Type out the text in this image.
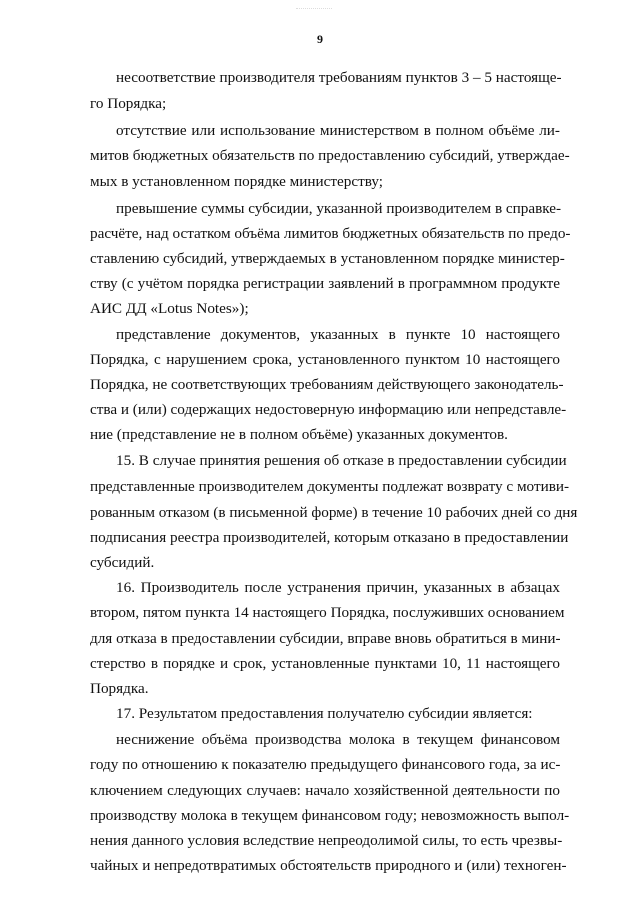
9
несоответствие производителя требованиям пунктов 3 – 5 настояще-
го Порядка;
отсутствие или использование министерством в полном объёме ли-
митов бюджетных обязательств по предоставлению субсидий, утверждае-
мых в установленном порядке министерству;
превышение суммы субсидии, указанной производителем в справке-
расчёте, над остатком объёма лимитов бюджетных обязательств по предо-
ставлению субсидий, утверждаемых в установленном порядке министер-
ству (с учётом порядка регистрации заявлений в программном продукте
АИС ДД «Lotus Notes»);
представление документов, указанных в пункте 10 настоящего
Порядка, с нарушением срока, установленного пунктом 10 настоящего
Порядка, не соответствующих требованиям действующего законодатель-
ства и (или) содержащих недостоверную информацию или непредставле-
ние (представление не в полном объёме) указанных документов.
15. В случае принятия решения об отказе в предоставлении субсидии
представленные производителем документы подлежат возврату с мотиви-
рованным отказом (в письменной форме) в течение 10 рабочих дней со дня
подписания реестра производителей, которым отказано в предоставлении
субсидий.
16. Производитель после устранения причин, указанных в абзацах
втором, пятом пункта 14 настоящего Порядка, послуживших основанием
для отказа в предоставлении субсидии, вправе вновь обратиться в мини-
стерство в порядке и срок, установленные пунктами 10, 11 настоящего
Порядка.
17. Результатом предоставления получателю субсидии является:
неснижение объёма производства молока в текущем финансовом
году по отношению к показателю предыдущего финансового года, за ис-
ключением следующих случаев: начало хозяйственной деятельности по
производству молока в текущем финансовом году; невозможность выпол-
нения данного условия вследствие непреодолимой силы, то есть чрезвы-
чайных и непредотвратимых обстоятельств природного и (или) техноген-
